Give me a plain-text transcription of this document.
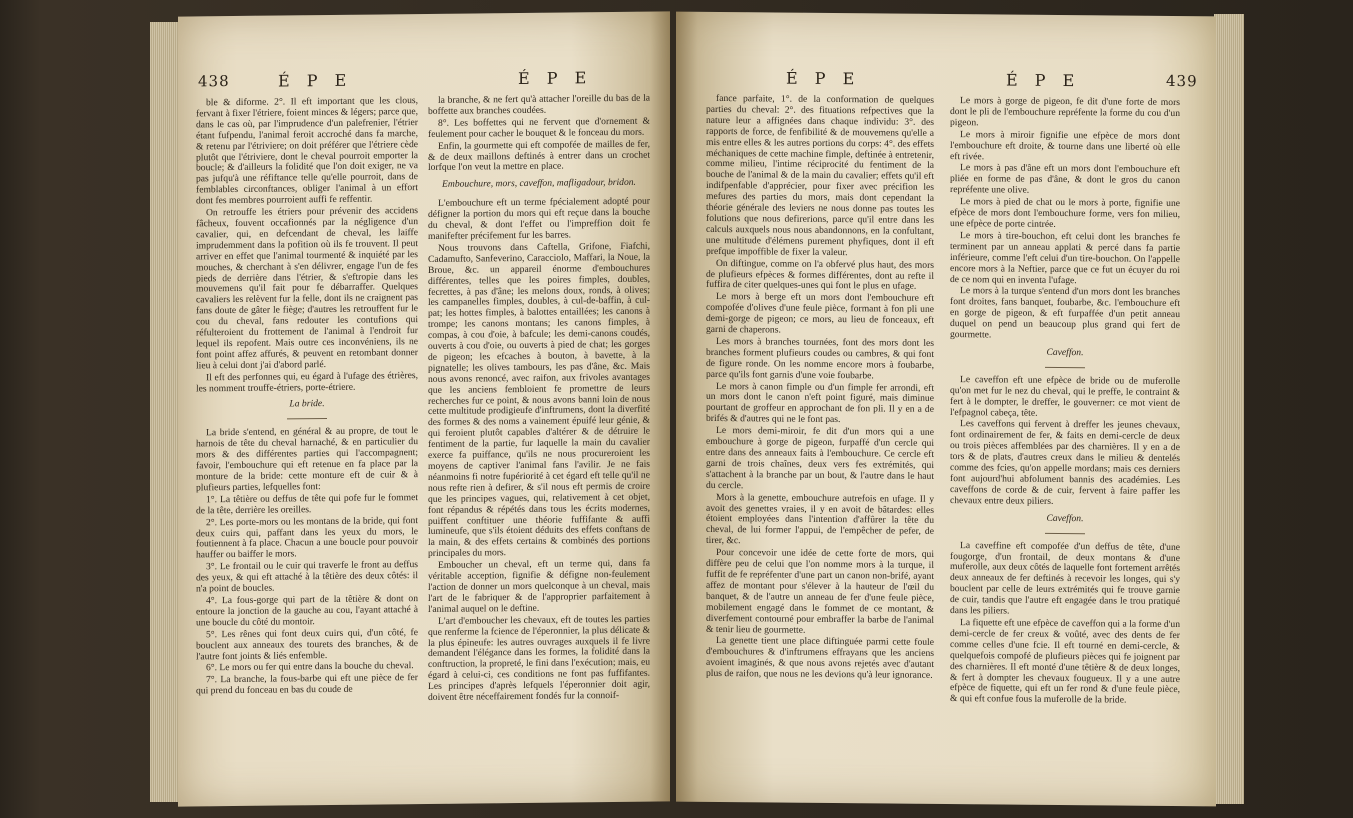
438	É P E	É P E

ble & diforme. 2°. Il eft important que les clous, fervant à fixer l'étriere, foient minces & légers; parce que, dans le cas où, par l'imprudence d'un palefrenier, l'étrier étant fufpendu, l'animal feroit accroché dans fa marche, & retenu par l'étriviere; on doit préférer que l'étriere cède plutôt que l'étriviere, dont le cheval pourroit emporter la boucle; & d'ailleurs la folidité que l'on doit exiger, ne va pas jufqu'à une réfiftance telle qu'elle pourroit, dans de femblables circonftances, obliger l'animal à un effort dont fes membres pourroient auffi fe reffentir.

On retrouffe les étriers pour prévenir des accidens fâcheux, fouvent occafionnés par la négligence d'un cavalier, qui, en defcendant de cheval, les laiffe imprudemment dans la pofition où ils fe trouvent. Il peut arriver en effet que l'animal tourmenté & inquiété par les mouches, & cherchant à s'en délivrer, engage l'un de fes pieds de derrière dans l'étrier, & s'eftropie dans les mouvemens qu'il fait pour fe débarraffer. Quelques cavaliers les relèvent fur la felle, dont ils ne craignent pas fans doute de gâter le fiège; d'autres les retrouffent fur le cou du cheval, fans redouter les contufions qui réfulteroient du frottement de l'animal à l'endroit fur lequel ils repofent. Mais outre ces inconvéniens, ils ne font point affez affurés, & peuvent en retombant donner lieu à celui dont j'ai d'abord parlé.

Il eft des perfonnes qui, eu égard à l'ufage des étrières, les nomment trouffe-étriers, porte-étriere.

La bride.

La bride s'entend, en général & au propre, de tout le harnois de tête du cheval harnaché, & en particulier du mors & des différentes parties qui l'accompagnent; favoir, l'embouchure qui eft retenue en fa place par la monture de la bride: cette monture eft de cuir & à plufieurs parties, lefquelles font:

1°. La têtière ou deffus de tête qui pofe fur le fommet de la tête, derrière les oreilles.

2°. Les porte-mors ou les montans de la bride, qui font deux cuirs qui, paffant dans les yeux du mors, le foutiennent à fa place. Chacun a une boucle pour pouvoir hauffer ou baiffer le mors.

3°. Le frontail ou le cuir qui traverfe le front au deffus des yeux, & qui eft attaché à la têtière des deux côtés: il n'a point de boucles.

4°. La fous-gorge qui part de la têtière & dont on entoure la jonction de la gauche au cou, l'ayant attaché à une boucle du côté du montoir.

5°. Les rênes qui font deux cuirs qui, d'un côté, fe bouclent aux anneaux des tourets des branches, & de l'autre font joints & liés enfemble.

6°. Le mors ou fer qui entre dans la bouche du cheval.

7°. La branche, la fous-barbe qui eft une pièce de fer qui prend du fonceau en bas du coude de

la branche, & ne fert qu'à attacher l'oreille du bas de la boffette aux branches coudées.

8°. Les boffettes qui ne fervent que d'ornement & feulement pour cacher le bouquet & le fonceau du mors.

Enfin, la gourmette qui eft compofée de mailles de fer, & de deux maillons deftinés à entrer dans un crochet lorfque l'on veut la mettre en place.

Embouchure, mors, caveffon, mafligadour, bridon.

L'embouchure eft un terme fpécialement adopté pour défigner la portion du mors qui eft reçue dans la bouche du cheval, & dont l'effet ou l'impreffion doit fe manifefter précifement fur les barres.

Nous trouvons dans Caftella, Grifone, Fiafchi, Cadamufto, Sanfeverino, Caracciolo, Maffari, la Noue, la Broue, &c. un appareil énorme d'embouchures différentes, telles que les poires fimples, doubles, fecrettes, à pas d'âne; les melons doux, ronds, à olives; les campanelles fimples, doubles, à cul-de-baffin, à cul-pat; les hottes fimples, à balottes entaillées; les canons à trompe; les canons montans; les canons fimples, à compas, à cou d'oie, à bafcule; les demi-canons coudés, ouverts à cou d'oie, ou ouverts à pied de chat; les gorges de pigeon; les efcaches à bouton, à bavette, à la pignatelle; les olives tambours, les pas d'âne, &c. Mais nous avons renoncé, avec raifon, aux frivoles avantages que les anciens fembloient fe promettre de leurs recherches fur ce point, & nous avons banni loin de nous cette multitude prodigieufe d'inftrumens, dont la diverfité des formes & des noms a vainement épuifé leur génie, & qui feroient plutôt capables d'altérer & de détruire le fentiment de la partie, fur laquelle la main du cavalier exerce fa puiffance, qu'ils ne nous procureroient les moyens de captiver l'animal fans l'avilir. Je ne fais néanmoins fi notre fupériorité à cet égard eft telle qu'il ne nous refte rien à defirer, & s'il nous eft permis de croire que les principes vagues, qui, relativement à cet objet, font répandus & répétés dans tous les écrits modernes, puiffent conftituer une théorie fuffifante & auffi lumineufe, que s'ils étoient déduits des effets conftans de la main, & des effets certains & combinés des portions principales du mors.

Emboucher un cheval, eft un terme qui, dans fa véritable acception, fignifie & défigne non-feulement l'action de donner un mors quelconque à un cheval, mais l'art de le fabriquer & de l'approprier parfaitement à l'animal auquel on le deftine.

L'art d'emboucher les chevaux, eft de toutes les parties que renferme la fcience de l'éperonnier, la plus délicate & la plus épineufe: les autres ouvrages auxquels il fe livre demandent l'élégance dans les formes, la folidité dans la conftruction, la propreté, le fini dans l'exécution; mais, eu égard à celui-ci, ces conditions ne font pas fuffifantes. Les principes d'après lefquels l'éperonnier doit agir, doivent être néceffairement fondés fur la connoif-

É P E	É P E	439

fance parfaite, 1°. de la conformation de quelques parties du cheval: 2°. des fituations refpectives que la nature leur a affignées dans chaque individu: 3°. des rapports de force, de fenfibilité & de mouvemens qu'elle a mis entre elles & les autres portions du corps: 4°. des effets méchaniques de cette machine fimple, deftinée à entretenir, comme milieu, l'intime réciprocité du fentiment de la bouche de l'animal & de la main du cavalier; effets qu'il eft indifpenfable d'apprécier, pour fixer avec précifion les mefures des parties du mors, mais dont cependant la théorie générale des leviers ne nous donne pas toutes les folutions que nous defirerions, parce qu'il entre dans les calculs auxquels nous nous abandonnons, en la confultant, une multitude d'élémens purement phyfiques, dont il eft prefque impoffible de fixer la valeur.

On diftingue, comme on l'a obfervé plus haut, des mors de plufieurs efpèces & formes différentes, dont au refte il fuffira de citer quelques-unes qui font le plus en ufage.

Le mors à berge eft un mors dont l'embouchure eft compofée d'olives d'une feule pièce, formant à fon pli une demi-gorge de pigeon; ce mors, au lieu de fonceaux, eft garni de chaperons.

Les mors à branches tournées, font des mors dont les branches forment plufieurs coudes ou cambres, & qui font de figure ronde. On les nomme encore mors à foubarbe, parce qu'ils font garnis d'une voie foubarbe.

Le mors à canon fimple ou d'un fimple fer arrondi, eft un mors dont le canon n'eft point figuré, mais diminue pourtant de groffeur en approchant de fon pli. Il y en a de brifés & d'autres qui ne le font pas.

Le mors demi-miroir, fe dit d'un mors qui a une embouchure à gorge de pigeon, furpaffé d'un cercle qui entre dans des anneaux faits à l'embouchure. Ce cercle eft garni de trois chaînes, deux vers fes extrémités, qui s'attachent à la branche par un bout, & l'autre dans le haut du cercle.

Mors à la genette, embouchure autrefois en ufage. Il y avoit des genettes vraies, il y en avoit de bâtardes: elles étoient employées dans l'intention d'affûrer la tête du cheval, de lui former l'appui, de l'empêcher de pefer, de tirer, &c.

Pour concevoir une idée de cette forte de mors, qui diffère peu de celui que l'on nomme mors à la turque, il fuffit de fe repréfenter d'une part un canon non-brifé, ayant affez de montant pour s'élever à la hauteur de l'œil du banquet, & de l'autre un anneau de fer d'une feule pièce, mobilement engagé dans le fommet de ce montant, & diverfement contourné pour embraffer la barbe de l'animal & tenir lieu de gourmette.

La genette tient une place diftinguée parmi cette foule d'embouchures & d'inftrumens effrayans que les anciens avoient imaginés, & que nous avons rejetés avec d'autant plus de raifon, que nous ne les devions qu'à leur ignorance.

Le mors à gorge de pigeon, fe dit d'une forte de mors dont le pli de l'embouchure repréfente la forme du cou d'un pigeon.

Le mors à miroir fignifie une efpèce de mors dont l'embouchure eft droite, & tourne dans une liberté où elle eft rivée.

Le mors à pas d'âne eft un mors dont l'embouchure eft pliée en forme de pas d'âne, & dont le gros du canon repréfente une olive.

Le mors à pied de chat ou le mors à porte, fignifie une efpèce de mors dont l'embouchure forme, vers fon milieu, une efpèce de porte cintrée.

Le mors à tire-bouchon, eft celui dont les branches fe terminent par un anneau applati & percé dans fa partie inférieure, comme l'eft celui d'un tire-bouchon. On l'appelle encore mors à la Neftier, parce que ce fut un écuyer du roi de ce nom qui en inventa l'ufage.

Le mors à la turque s'entend d'un mors dont les branches font droites, fans banquet, foubarbe, &c. l'embouchure eft en gorge de pigeon, & eft furpaffée d'un petit anneau duquel on pend un beaucoup plus grand qui fert de gourmette.

Caveffon.

Le caveffon eft une efpèce de bride ou de muferolle qu'on met fur le nez du cheval, qui le preffe, le contraint & fert à le dompter, le dreffer, le gouverner: ce mot vient de l'efpagnol cabeça, tête.

Les caveffons qui fervent à dreffer les jeunes chevaux, font ordinairement de fer, & faits en demi-cercle de deux ou trois pièces affemblées par des charnières. Il y en a de tors & de plats, d'autres creux dans le milieu & dentelés comme des fcies, qu'on appelle mordans; mais ces derniers font aujourd'hui abfolument bannis des académies. Les caveffons de corde & de cuir, fervent à faire paffer les chevaux entre deux piliers.

Caveffon.

La caveffine eft compofée d'un deffus de tête, d'une fougorge, d'un frontail, de deux montans & d'une muferolle, aux deux côtés de laquelle font fortement arrêtés deux anneaux de fer deftinés à recevoir les longes, qui s'y bouclent par celle de leurs extrémités qui fe trouve garnie de cuir, tandis que l'autre eft engagée dans le trou pratiqué dans les piliers.

La fiquette eft une efpèce de caveffon qui a la forme d'un demi-cercle de fer creux & voûté, avec des dents de fer comme celles d'une fcie. Il eft tourné en demi-cercle, & quelquefois compofé de plufieurs pièces qui fe joignent par des charnières. Il eft monté d'une têtière & de deux longes, & fert à dompter les chevaux fougueux. Il y a une autre efpèce de fiquette, qui eft un fer rond & d'une feule pièce, & qui eft confue fous la muferolle de la bride.
